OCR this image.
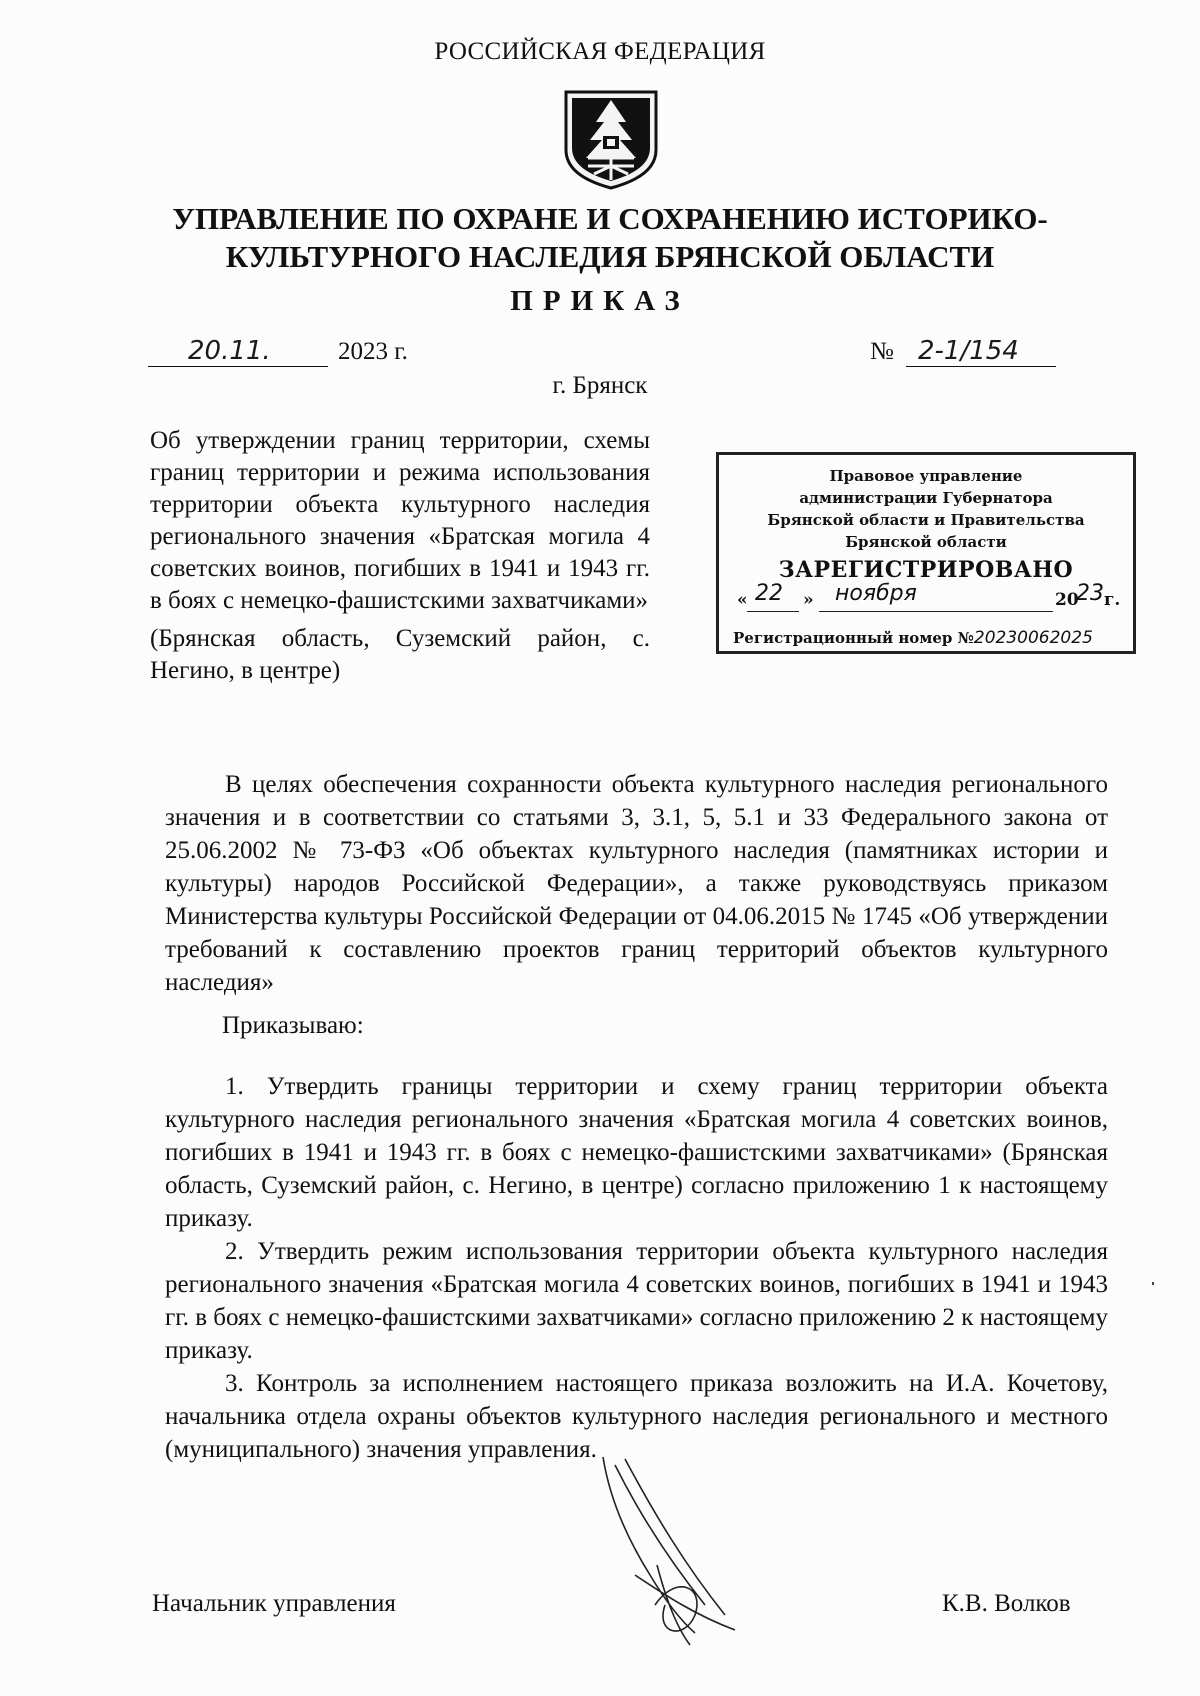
РОССИЙСКАЯ ФЕДЕРАЦИЯ
УПРАВЛЕНИЕ ПО ОХРАНЕ И СОХРАНЕНИЮ ИСТОРИКО-
КУЛЬТУРНОГО НАСЛЕДИЯ БРЯНСКОЙ ОБЛАСТИ
ПРИКАЗ
20.11.	2023 г.	№ 2-1/154
г. Брянск
Об утверждении границ территории, схемы границ территории и режима использования территории объекта культурного наследия регионального значения «Братская могила 4 советских воинов, погибших в 1941 и 1943 гг. в боях с немецко-фашистскими захватчиками»
(Брянская область, Суземский район, с. Негино, в центре)
Правовое управление
администрации Губернатора
Брянской области и Правительства
Брянской области
ЗАРЕГИСТРИРОВАНО
« 22 » ноября	20
23 г.
Регистрационный номер №20230062025
В целях обеспечения сохранности объекта культурного наследия регионального значения и в соответствии со статьями 3, 3.1, 5, 5.1 и 33 Федерального закона от 25.06.2002 № 73-ФЗ «Об объектах культурного наследия (памятниках истории и культуры) народов Российской Федерации», а также руководствуясь приказом Министерства культуры Российской Федерации от 04.06.2015 № 1745 «Об утверждении требований к составлению проектов границ территорий объектов культурного наследия»
Приказываю:

1. Утвердить границы территории и схему границ территории объекта культурного наследия регионального значения «Братская могила 4 советских воинов, погибших в 1941 и 1943 гг. в боях с немецко-фашистскими захватчиками» (Брянская область, Суземский район, с. Негино, в центре) согласно приложению 1 к настоящему приказу.

2. Утвердить режим использования территории объекта культурного наследия регионального значения «Братская могила 4 советских воинов, погибших в 1941 и 1943 гг. в боях с немецко-фашистскими захватчиками» согласно приложению 2 к настоящему приказу.

3. Контроль за исполнением настоящего приказа возложить на И.А. Кочетову, начальника отдела охраны объектов культурного наследия регионального и местного (муниципального) значения управления.

Начальник управления	К.В. Волков
